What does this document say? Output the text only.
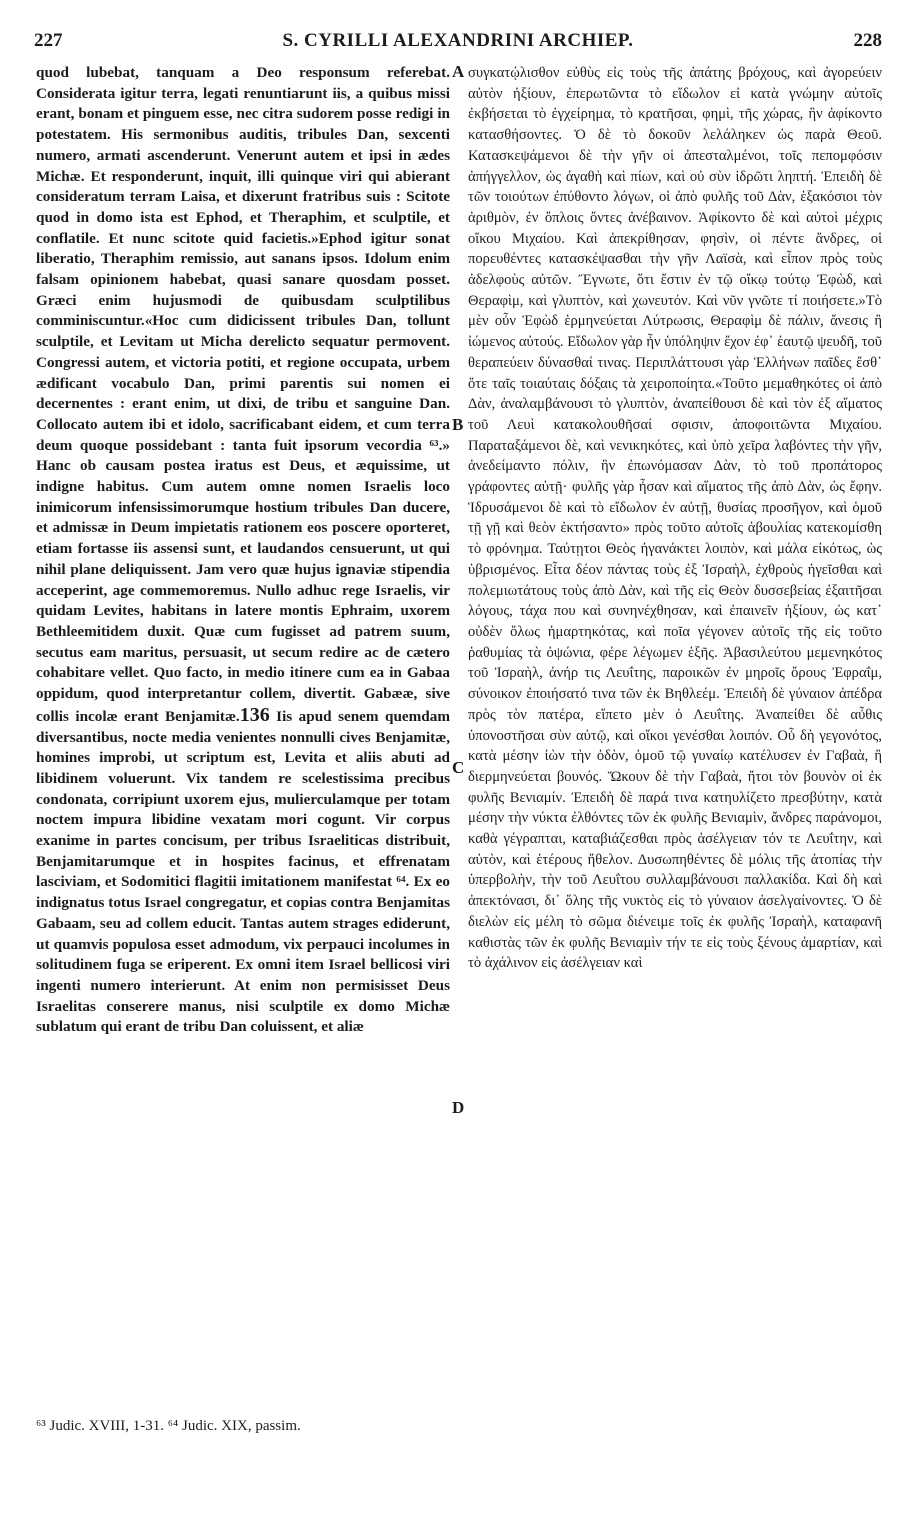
227	S. CYRILLI ALEXANDRINI ARCHIEP.	228

quod lubebat, tanquam a Deo responsum referebat. Considerata igitur terra, legati renuntiarunt iis, a quibus missi erant, bonam et pinguem esse, nec citra sudorem posse redigi in potestatem. His sermonibus auditis, tribules Dan, sexcenti numero, armati ascenderunt. Venerunt autem et ipsi in ædes Michæ. Et responderunt, inquit, illi quinque viri qui abierant consideratum terram Laisa, et dixerunt fratribus suis : Scitote quod in domo ista est Ephod, et Theraphim, et sculptile, et conflatile. Et nunc scitote quid facietis.»Ephod igitur sonat liberatio, Theraphim remissio, aut sanans ipsos. Idolum enim falsam opinionem habebat, quasi sanare quosdam posset. Græci enim hujusmodi de quibusdam sculptilibus comminiscuntur.«Hoc cum didicissent tribules Dan, tollunt sculptile, et Levitam ut Micha derelicto sequatur permovent. Congressi autem, et victoria potiti, et regione occupata, urbem ædificant vocabulo Dan, primi parentis sui nomen ei decernentes : erant enim, ut dixi, de tribu et sanguine Dan. Collocato autem ibi et idolo, sacrificabant eidem, et cum terra deum quoque possidebant : tanta fuit ipsorum vecordia ⁶³.» Hanc ob causam postea iratus est Deus, et æquissime, ut indigne habitus. Cum autem omne nomen Israelis loco inimicorum infensissimorumque hostium tribules Dan ducere, et admissæ in Deum impietatis rationem eos poscere oporteret, etiam fortasse iis assensi sunt, et laudandos censuerunt, ut qui nihil plane deliquissent. Jam vero quæ hujus ignaviæ stipendia acceperint, age commemoremus. Nullo adhuc rege Israelis, vir quidam Levites, habitans in latere montis Ephraim, uxorem Bethleemitidem duxit. Quæ cum fugisset ad patrem suum, secutus eam maritus, persuasit, ut secum redire ac de cætero cohabitare vellet. Quo facto, in medio itinere cum ea in Gabaa oppidum, quod interpretantur collem, divertit. Gabææ, sive collis incolæ erant Benjamitæ.136 Iis apud senem quemdam diversantibus, nocte media venientes nonnulli cives Benjamitæ, homines improbi, ut scriptum est, Levita et aliis abuti ad libidinem voluerunt. Vix tandem re scelestissima precibus condonata, corripiunt uxorem ejus, mulierculamque per totam noctem impura libidine vexatam mori cogunt. Vir corpus exanime in partes concisum, per tribus Israeliticas distribuit, Benjamitarumque et in hospites facinus, et effrenatam lasciviam, et Sodomitici flagitii imitationem manifestat ⁶⁴. Ex eo indignatus totus Israel congregatur, et copias contra Benjamitas Gabaam, seu ad collem educit. Tantas autem strages ediderunt, ut quamvis populosa esset admodum, vix perpauci incolumes in solitudinem fuga se eriperent. Ex omni item Israel bellicosi viri ingenti numero interierunt. At enim non permisisset Deus Israelitas conserere manus, nisi sculptile ex domo Michæ sublatum qui erant de tribu Dan coluissent, et aliæ

A
B
C
D

συγκατῴλισθον εὐθὺς εἰς τοὺς τῆς ἀπάτης βρόχους, καὶ ἀγορεύειν αὐτὸν ἠξίουν, ἐπερωτῶντα τὸ εἴδωλον εἰ κατὰ γνώμην αὐτοῖς ἐκβήσεται τὸ ἐγχείρημα, τὸ κρατῆσαι, φημὶ, τῆς χώρας, ἣν ἀφίκοντο κατασθήσοντες. Ὁ δὲ τὸ δοκοῦν λελάληκεν ὡς παρὰ Θεοῦ. Κατασκεψάμενοι δὲ τὴν γῆν οἱ ἀπεσταλμένοι, τοῖς πεπομφόσιν ἀπήγγελλον, ὡς ἀγαθὴ καὶ πίων, καὶ οὐ σὺν ἱδρῶτι ληπτή. Ἐπειδὴ δὲ τῶν τοιούτων ἐπύθοντο λόγων, οἱ ἀπὸ φυλῆς τοῦ Δὰν, ἑξακόσιοι τὸν ἀριθμὸν, ἐν ὅπλοις ὄντες ἀνέβαινον. Ἀφίκοντο δὲ καὶ αὐτοὶ μέχρις οἴκου Μιχαίου. Καὶ ἀπεκρίθησαν, φησὶν, οἱ πέντε ἄνδρες, οἱ πορευθέντες κατασκέψασθαι τὴν γῆν Λαϊσὰ, καὶ εἶπον πρὸς τοὺς ἀδελφοὺς αὐτῶν. Ἔγνωτε, ὅτι ἔστιν ἐν τῷ οἴκῳ τούτῳ Ἐφὼδ, καὶ Θεραφὶμ, καὶ γλυπτὸν, καὶ χωνευτόν. Καὶ νῦν γνῶτε τί ποιήσετε.»Τὸ μὲν οὖν Ἐφὼδ ἑρμηνεύεται Λύτρωσις, Θεραφὶμ δὲ πάλιν, ἄνεσις ἢ ἰώμενος αὐτούς. Εἴδωλον γὰρ ἦν ὑπόληψιν ἔχον ἐφ᾽ ἑαυτῷ ψευδῆ, τοῦ θεραπεύειν δύνασθαί τινας. Περιπλάττουσι γὰρ Ἑλλήνων παῖδες ἔσθ᾽ ὅτε ταῖς τοιαύταις δόξαις τὰ χειροποίητα.«Τοῦτο μεμαθηκότες οἱ ἀπὸ Δὰν, ἀναλαμβάνουσι τὸ γλυπτὸν, ἀναπείθουσι δὲ καὶ τὸν ἐξ αἵματος τοῦ Λευὶ κατακολουθῆσαί σφισιν, ἀποφοιτῶντα Μιχαίου. Παραταξάμενοι δὲ, καὶ νενικηκότες, καὶ ὑπὸ χεῖρα λαβόντες τὴν γῆν, ἀνεδείμαντο πόλιν, ἣν ἐπωνόμασαν Δὰν, τὸ τοῦ προπάτορος γράφοντες αὐτῇ· φυλῆς γὰρ ἦσαν καὶ αἵματος τῆς ἀπὸ Δὰν, ὡς ἔφην. Ἱδρυσάμενοι δὲ καὶ τὸ εἴδωλον ἐν αὐτῇ, θυσίας προσῆγον, καὶ ὁμοῦ τῇ γῇ καὶ θεὸν ἐκτήσαντο» πρὸς τοῦτο αὐτοῖς ἀβουλίας κατεκομίσθη τὸ φρόνημα. Ταύτῃτοι Θεὸς ἠγανάκτει λοιπὸν, καὶ μάλα εἰκότως, ὡς ὑβρισμένος. Εἶτα δέον πάντας τοὺς ἐξ Ἰσραὴλ, ἐχθροὺς ἡγεῖσθαι καὶ πολεμιωτάτους τοὺς ἀπὸ Δὰν, καὶ τῆς εἰς Θεὸν δυσσεβείας ἐξαιτῆσαι λόγους, τάχα που καὶ συνηνέχθησαν, καὶ ἐπαινεῖν ἠξίουν, ὡς κατ᾽ οὐδὲν ὅλως ἡμαρτηκότας, καὶ ποῖα γέγονεν αὐτοῖς τῆς εἰς τοῦτο ῥαθυμίας τὰ ὀψώνια, φέρε λέγωμεν ἑξῆς. Ἀβασιλεύτου μεμενηκότος τοῦ Ἰσραὴλ, ἀνήρ τις Λευΐτης, παροικῶν ἐν μηροῖς ὄρους Ἐφραΐμ, σύνοικον ἐποιήσατό τινα τῶν ἐκ Βηθλεέμ. Ἐπειδὴ δὲ γύναιον ἀπέδρα πρὸς τὸν πατέρα, εἵπετο μὲν ὁ Λευΐτης. Ἀναπείθει δὲ αὖθις ὑπονοστῆσαι σὺν αὐτῷ, καὶ οἴκοι γενέσθαι λοιπόν. Οὗ δὴ γεγονότος, κατὰ μέσην ἰὼν τὴν ὁδὸν, ὁμοῦ τῷ γυναίῳ κατέλυσεν ἐν Γαβαὰ, ἢ διερμηνεύεται βουνός. Ὤκουν δὲ τὴν Γαβαὰ, ἤτοι τὸν βουνὸν οἱ ἐκ φυλῆς Βενιαμίν. Ἐπειδὴ δὲ παρά τινα κατηυλίζετο πρεσβύτην, κατὰ μέσην τὴν νύκτα ἐλθόντες τῶν ἐκ φυλῆς Βενιαμὶν, ἄνδρες παράνομοι, καθὰ γέγραπται, καταβιάζεσθαι πρὸς ἀσέλγειαν τόν τε Λευΐτην, καὶ αὐτὸν, καὶ ἑτέρους ἤθελον. Δυσωπηθέντες δὲ μόλις τῆς ἀτοπίας τὴν ὑπερβολὴν, τὴν τοῦ Λευΐτου συλλαμβάνουσι παλλακίδα. Καὶ δὴ καὶ ἀπεκτόνασι, δι᾽ ὅλης τῆς νυκτὸς εἰς τὸ γύναιον ἀσελγαίνοντες. Ὁ δὲ διελὼν εἰς μέλη τὸ σῶμα διένειμε τοῖς ἐκ φυλῆς Ἰσραὴλ, καταφανῆ καθιστὰς τῶν ἐκ φυλῆς Βενιαμὶν τήν τε εἰς τοὺς ξένους ἁμαρτίαν, καὶ τὸ ἀχάλινον εἰς ἀσέλγειαν καὶ

⁶³ Judic. XVIII, 1-31. ⁶⁴ Judic. XIX, passim.
